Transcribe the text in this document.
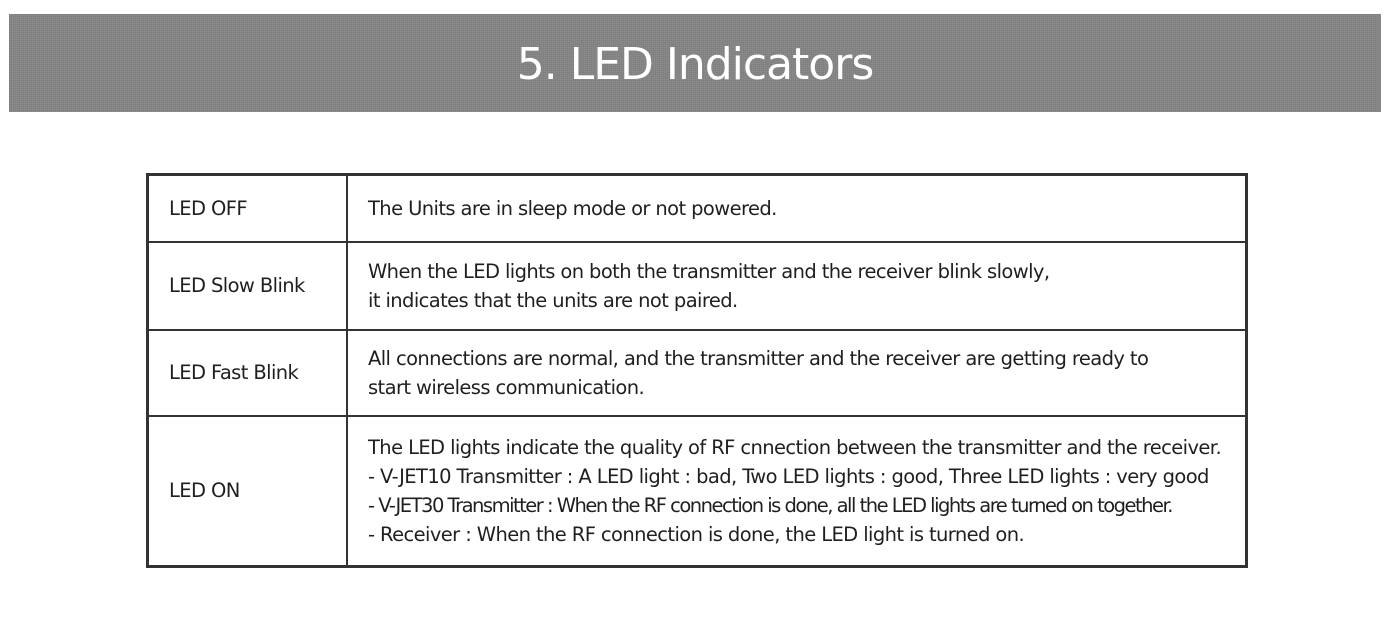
5. LED Indicators
LED OFF	The Units are in sleep mode or not powered.

LED Slow Blink	When the LED lights on both the transmitter and the receiver blink slowly,
it indicates that the units are not paired.

LED Fast Blink	All connections are normal, and the transmitter and the receiver are getting ready to
start wireless communication.

LED ON	The LED lights indicate the quality of RF cnnection between the transmitter and the receiver.
- V-JET10 Transmitter : A LED light : bad, Two LED lights : good, Three LED lights : very good
- V-JET30 Transmitter : When the RF connection is done, all the LED lights are turned on together.
- Receiver : When the RF connection is done, the LED light is turned on.
